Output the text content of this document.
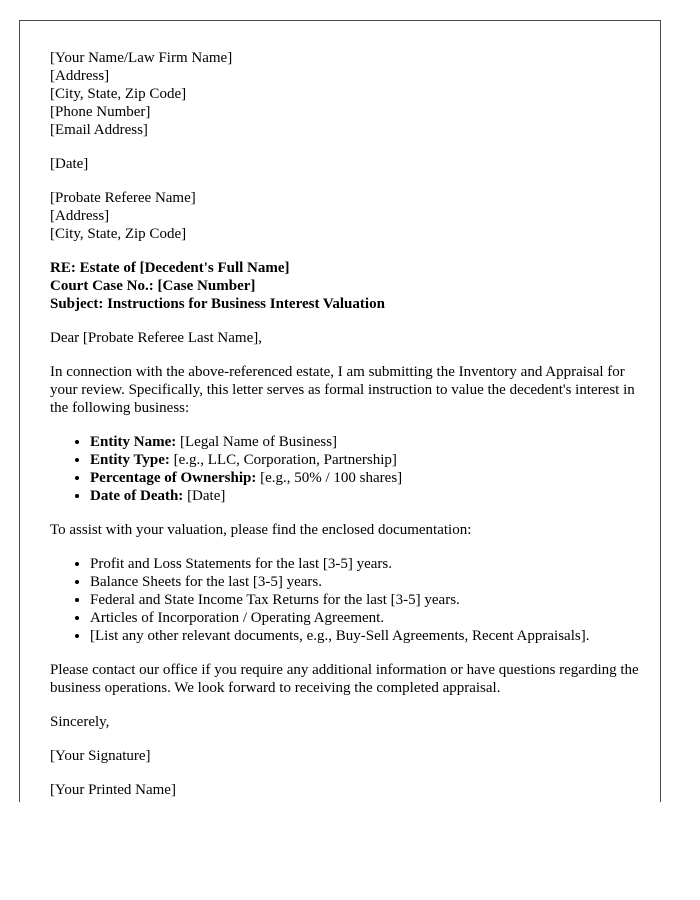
[Your Name/Law Firm Name]
[Address]
[City, State, Zip Code]
[Phone Number]
[Email Address]
[Date]
[Probate Referee Name]
[Address]
[City, State, Zip Code]
RE: Estate of [Decedent's Full Name]
Court Case No.: [Case Number]
Subject: Instructions for Business Interest Valuation

Dear [Probate Referee Last Name],

In connection with the above-referenced estate, I am submitting the Inventory and Appraisal for your review. Specifically, this letter serves as formal instruction to value the decedent's interest in the following business:

• Entity Name: [Legal Name of Business]
• Entity Type: [e.g., LLC, Corporation, Partnership]
• Percentage of Ownership: [e.g., 50% / 100 shares]
• Date of Death: [Date]

To assist with your valuation, please find the enclosed documentation:

• Profit and Loss Statements for the last [3-5] years.
• Balance Sheets for the last [3-5] years.
• Federal and State Income Tax Returns for the last [3-5] years.
• Articles of Incorporation / Operating Agreement.
• [List any other relevant documents, e.g., Buy-Sell Agreements, Recent Appraisals].

Please contact our office if you require any additional information or have questions regarding the business operations. We look forward to receiving the completed appraisal.

Sincerely,

[Your Signature]

[Your Printed Name]
